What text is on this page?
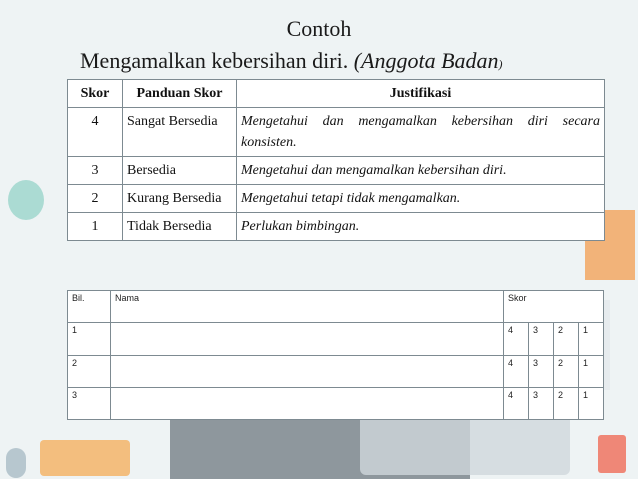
Contoh
Mengamalkan kebersihan diri. (Anggota Badan)
Skor	Panduan Skor	Justifikasi
4	Sangat Bersedia	Mengetahui dan mengamalkan kebersihan diri secara konsisten.
3	Bersedia	Mengetahui dan mengamalkan kebersihan diri.
2	Kurang Bersedia	Mengetahui tetapi tidak mengamalkan.
1	Tidak Bersedia	Perlukan bimbingan.
Bil.	Nama	Skor			
1		4	3	2	1
2		4	3	2	1
3		4	3	2	1
